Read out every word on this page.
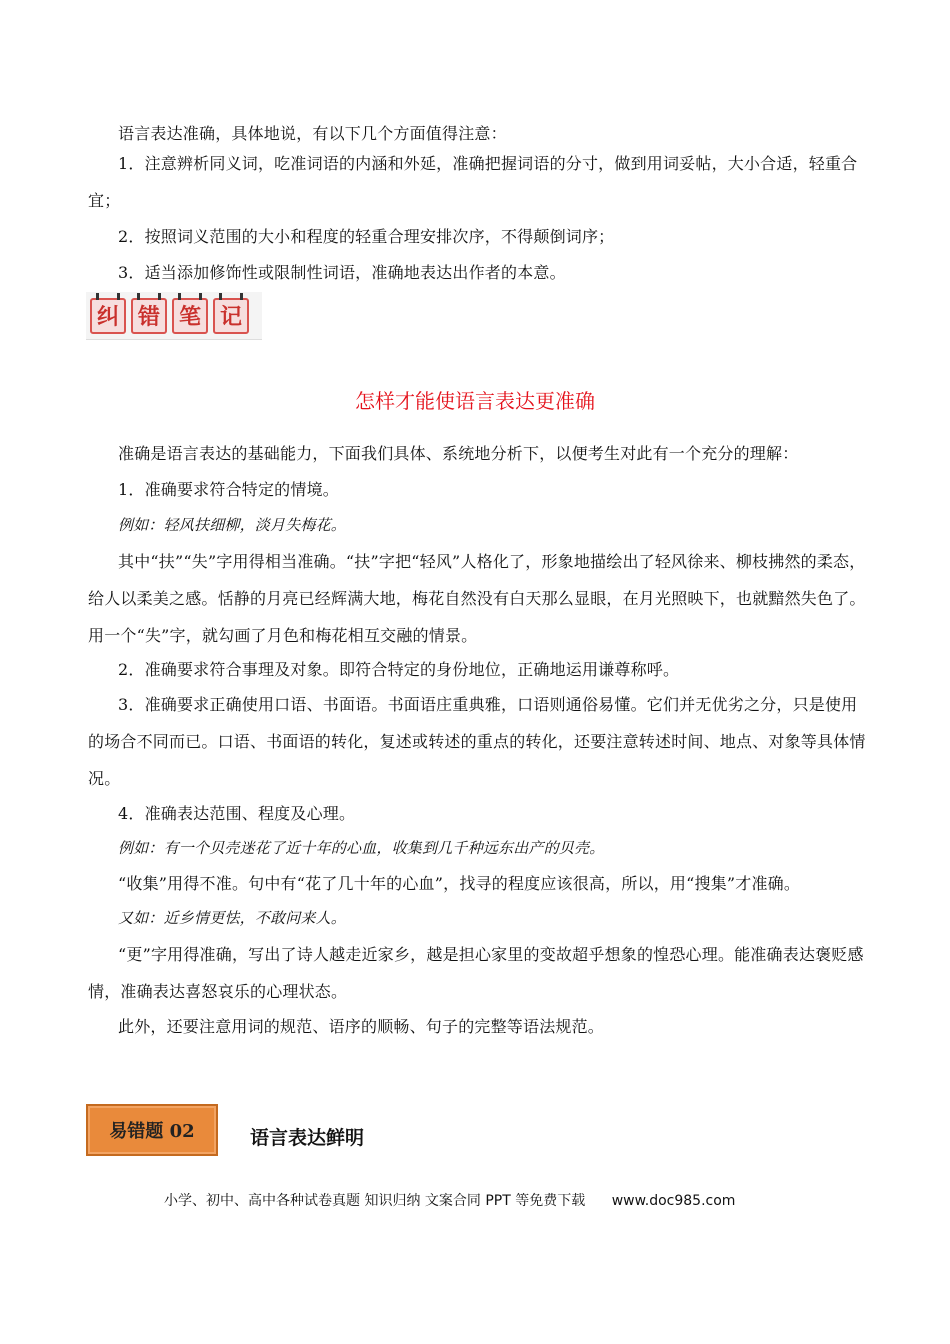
语言表达准确，具体地说，有以下几个方面值得注意：

1．注意辨析同义词，吃准词语的内涵和外延，准确把握词语的分寸，做到用词妥帖，大小合适，轻重合宜；

2．按照词义范围的大小和程度的轻重合理安排次序，不得颠倒词序；

3．适当添加修饰性或限制性词语，准确地表达出作者的本意。

纠 错 笔 记
怎样才能使语言表达更准确

准确是语言表达的基础能力，下面我们具体、系统地分析下，以便考生对此有一个充分的理解：

1．准确要求符合特定的情境。

例如：轻风扶细柳，淡月失梅花。

其中“扶”“失”字用得相当准确。“扶”字把“轻风”人格化了，形象地描绘出了轻风徐来、柳枝拂然的柔态，给人以柔美之感。恬静的月亮已经辉满大地，梅花自然没有白天那么显眼，在月光照映下，也就黯然失色了。用一个“失”字，就勾画了月色和梅花相互交融的情景。

2．准确要求符合事理及对象。即符合特定的身份地位，正确地运用谦尊称呼。

3．准确要求正确使用口语、书面语。书面语庄重典雅，口语则通俗易懂。它们并无优劣之分，只是使用的场合不同而已。口语、书面语的转化，复述或转述的重点的转化，还要注意转述时间、地点、对象等具体情况。

4．准确表达范围、程度及心理。

例如：有一个贝壳迷花了近十年的心血，收集到几千种远东出产的贝壳。

“收集”用得不准。句中有“花了几十年的心血”，找寻的程度应该很高，所以，用“搜集”才准确。

又如：近乡情更怯，不敢问来人。

“更”字用得准确，写出了诗人越走近家乡，越是担心家里的变故超乎想象的惶恐心理。能准确表达褒贬感情，准确表达喜怒哀乐的心理状态。

此外，还要注意用词的规范、语序的顺畅、句子的完整等语法规范。

易错题 02	语言表达鲜明
小学、初中、高中各种试卷真题 知识归纳 文案合同 PPT 等免费下载 www.doc985.com
